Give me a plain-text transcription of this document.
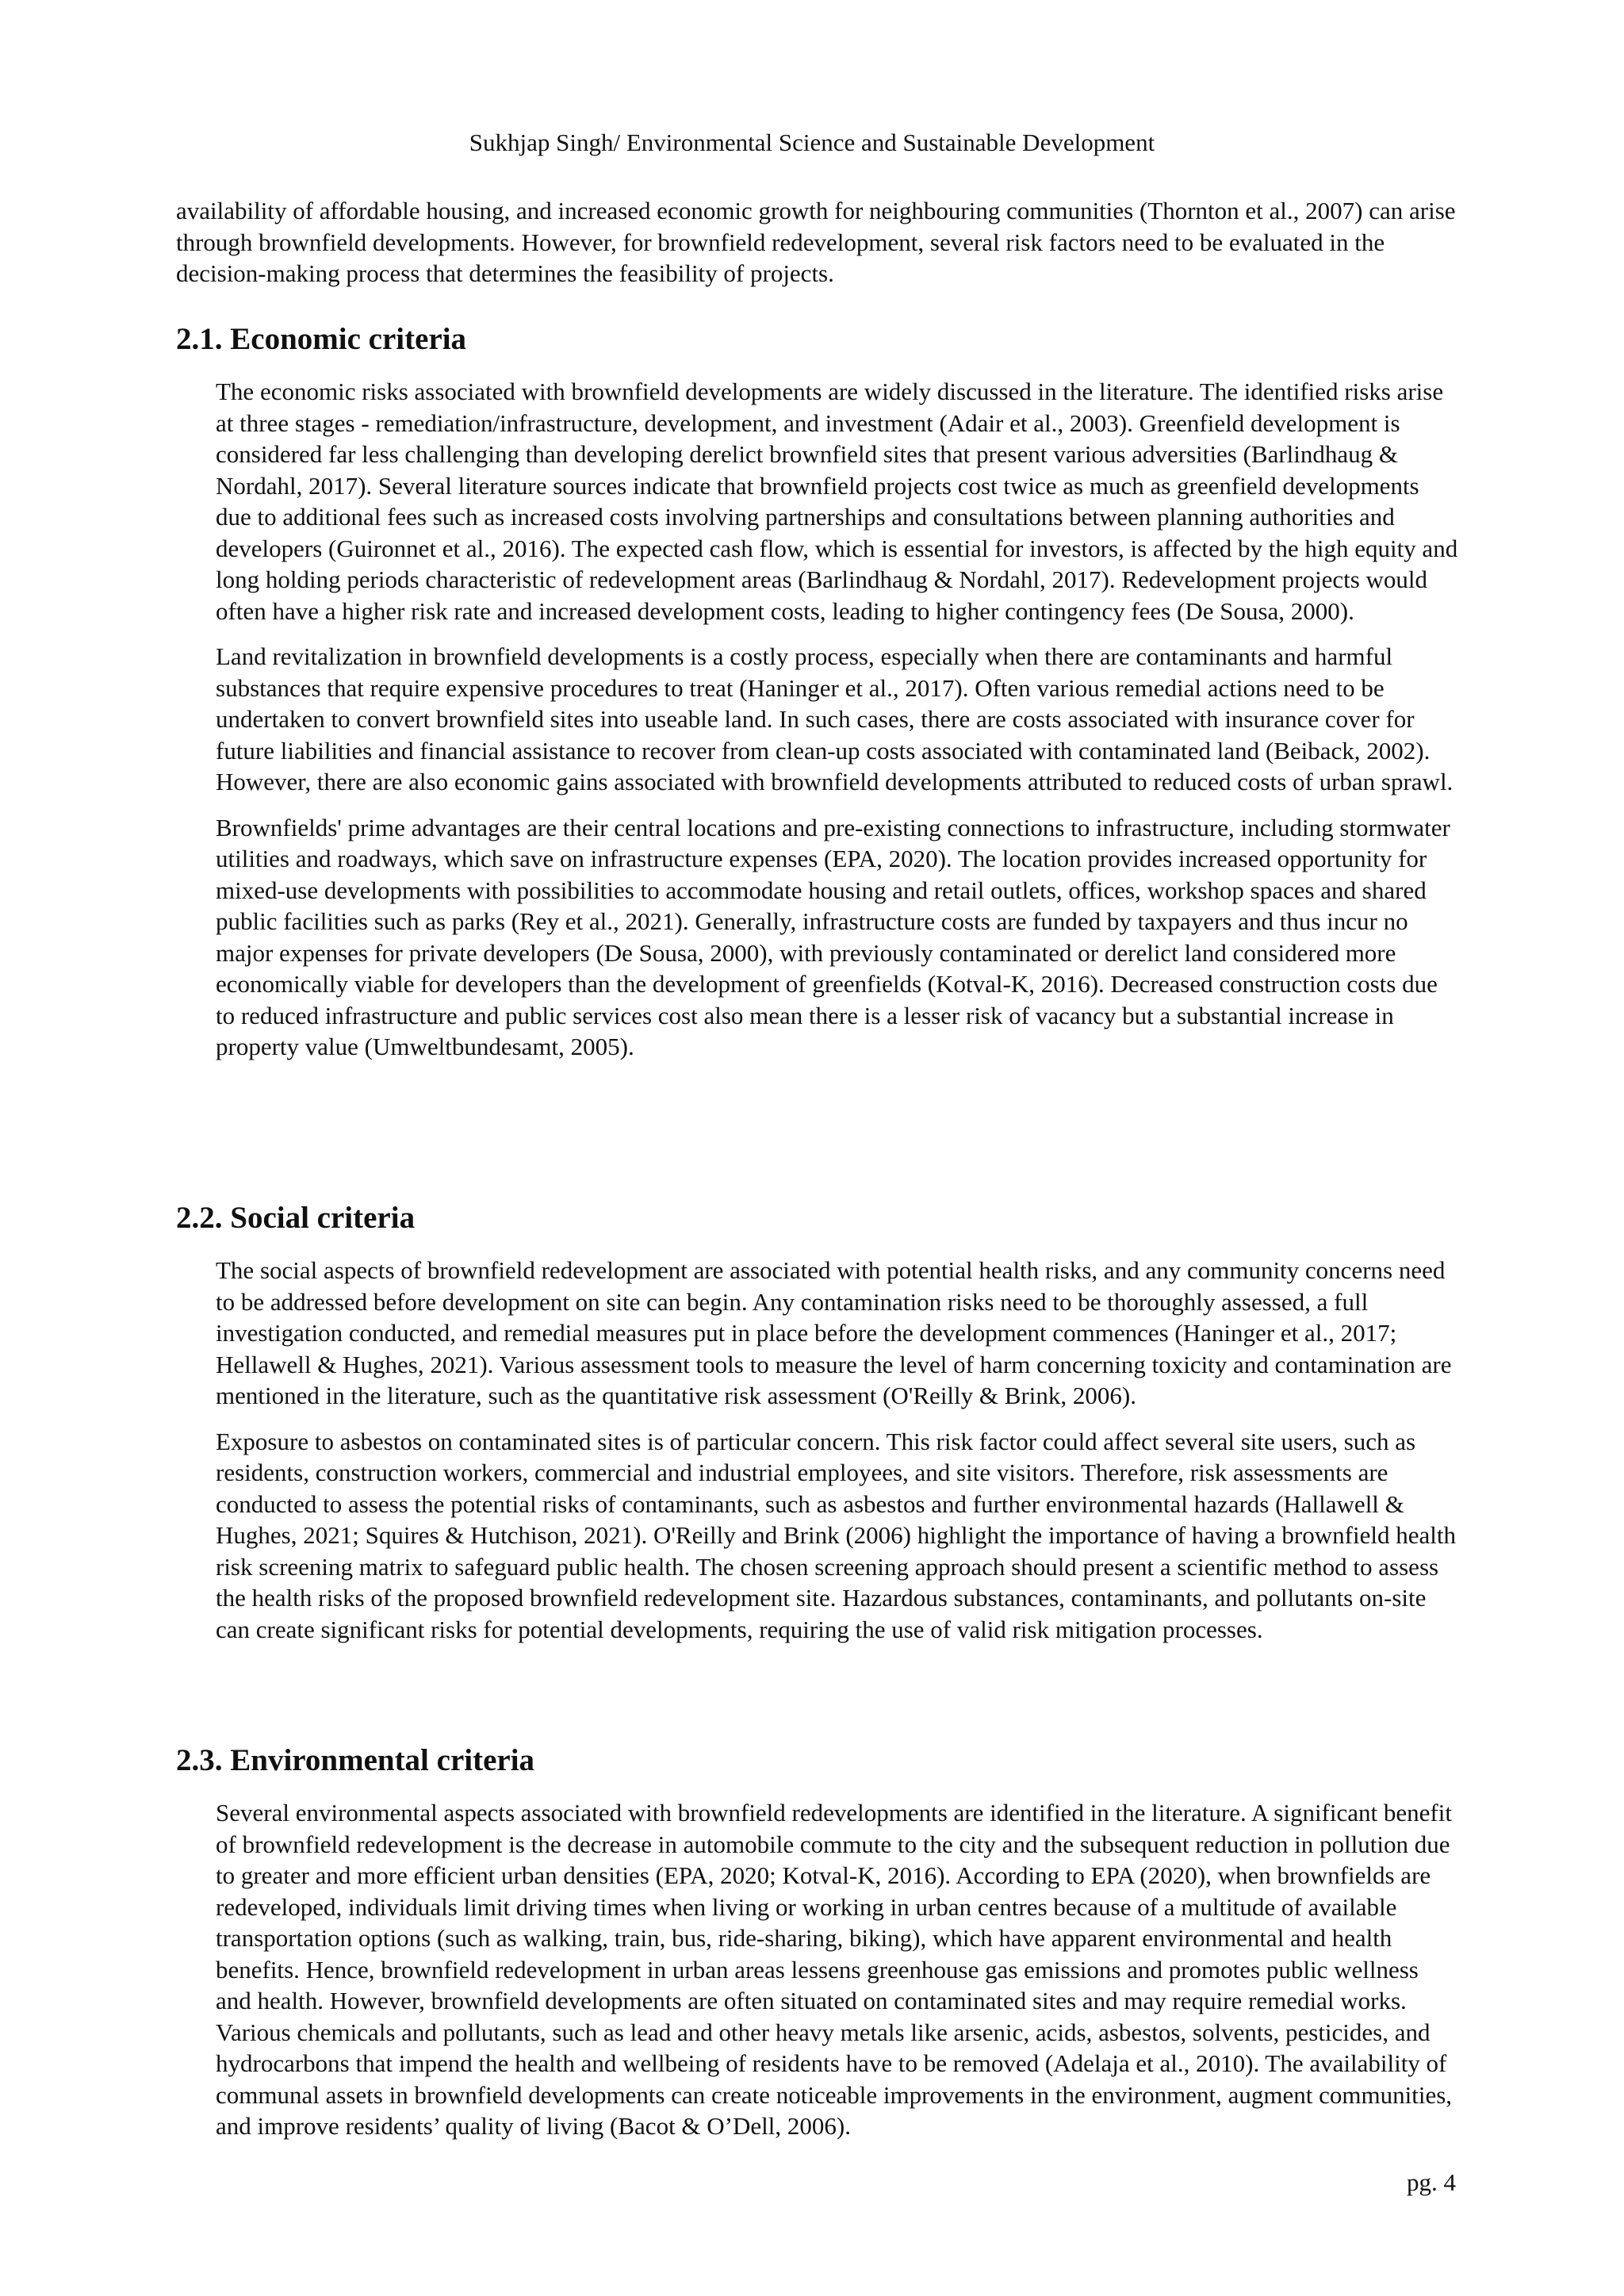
Sukhjap Singh/ Environmental Science and Sustainable Development

availability of affordable housing, and increased economic growth for neighbouring communities (Thornton et al., 2007) can arise through brownfield developments. However, for brownfield redevelopment, several risk factors need to be evaluated in the decision-making process that determines the feasibility of projects.

2.1. Economic criteria

The economic risks associated with brownfield developments are widely discussed in the literature. The identified risks arise at three stages - remediation/infrastructure, development, and investment (Adair et al., 2003). Greenfield development is considered far less challenging than developing derelict brownfield sites that present various adversities (Barlindhaug & Nordahl, 2017). Several literature sources indicate that brownfield projects cost twice as much as greenfield developments due to additional fees such as increased costs involving partnerships and consultations between planning authorities and developers (Guironnet et al., 2016). The expected cash flow, which is essential for investors, is affected by the high equity and long holding periods characteristic of redevelopment areas (Barlindhaug & Nordahl, 2017). Redevelopment projects would often have a higher risk rate and increased development costs, leading to higher contingency fees (De Sousa, 2000).

Land revitalization in brownfield developments is a costly process, especially when there are contaminants and harmful substances that require expensive procedures to treat (Haninger et al., 2017). Often various remedial actions need to be undertaken to convert brownfield sites into useable land. In such cases, there are costs associated with insurance cover for future liabilities and financial assistance to recover from clean-up costs associated with contaminated land (Beiback, 2002). However, there are also economic gains associated with brownfield developments attributed to reduced costs of urban sprawl.

Brownfields' prime advantages are their central locations and pre-existing connections to infrastructure, including stormwater utilities and roadways, which save on infrastructure expenses (EPA, 2020). The location provides increased opportunity for mixed-use developments with possibilities to accommodate housing and retail outlets, offices, workshop spaces and shared public facilities such as parks (Rey et al., 2021). Generally, infrastructure costs are funded by taxpayers and thus incur no major expenses for private developers (De Sousa, 2000), with previously contaminated or derelict land considered more economically viable for developers than the development of greenfields (Kotval-K, 2016). Decreased construction costs due to reduced infrastructure and public services cost also mean there is a lesser risk of vacancy but a substantial increase in property value (Umweltbundesamt, 2005).

2.2. Social criteria

The social aspects of brownfield redevelopment are associated with potential health risks, and any community concerns need to be addressed before development on site can begin. Any contamination risks need to be thoroughly assessed, a full investigation conducted, and remedial measures put in place before the development commences (Haninger et al., 2017; Hellawell & Hughes, 2021). Various assessment tools to measure the level of harm concerning toxicity and contamination are mentioned in the literature, such as the quantitative risk assessment (O'Reilly & Brink, 2006).

Exposure to asbestos on contaminated sites is of particular concern. This risk factor could affect several site users, such as residents, construction workers, commercial and industrial employees, and site visitors. Therefore, risk assessments are conducted to assess the potential risks of contaminants, such as asbestos and further environmental hazards (Hallawell & Hughes, 2021; Squires & Hutchison, 2021). O'Reilly and Brink (2006) highlight the importance of having a brownfield health risk screening matrix to safeguard public health. The chosen screening approach should present a scientific method to assess the health risks of the proposed brownfield redevelopment site. Hazardous substances, contaminants, and pollutants on-site can create significant risks for potential developments, requiring the use of valid risk mitigation processes.

2.3. Environmental criteria

Several environmental aspects associated with brownfield redevelopments are identified in the literature. A significant benefit of brownfield redevelopment is the decrease in automobile commute to the city and the subsequent reduction in pollution due to greater and more efficient urban densities (EPA, 2020; Kotval-K, 2016). According to EPA (2020), when brownfields are redeveloped, individuals limit driving times when living or working in urban centres because of a multitude of available transportation options (such as walking, train, bus, ride-sharing, biking), which have apparent environmental and health benefits. Hence, brownfield redevelopment in urban areas lessens greenhouse gas emissions and promotes public wellness and health. However, brownfield developments are often situated on contaminated sites and may require remedial works. Various chemicals and pollutants, such as lead and other heavy metals like arsenic, acids, asbestos, solvents, pesticides, and hydrocarbons that impend the health and wellbeing of residents have to be removed (Adelaja et al., 2010). The availability of communal assets in brownfield developments can create noticeable improvements in the environment, augment communities, and improve residents’ quality of living (Bacot & O’Dell, 2006).

pg. 4
